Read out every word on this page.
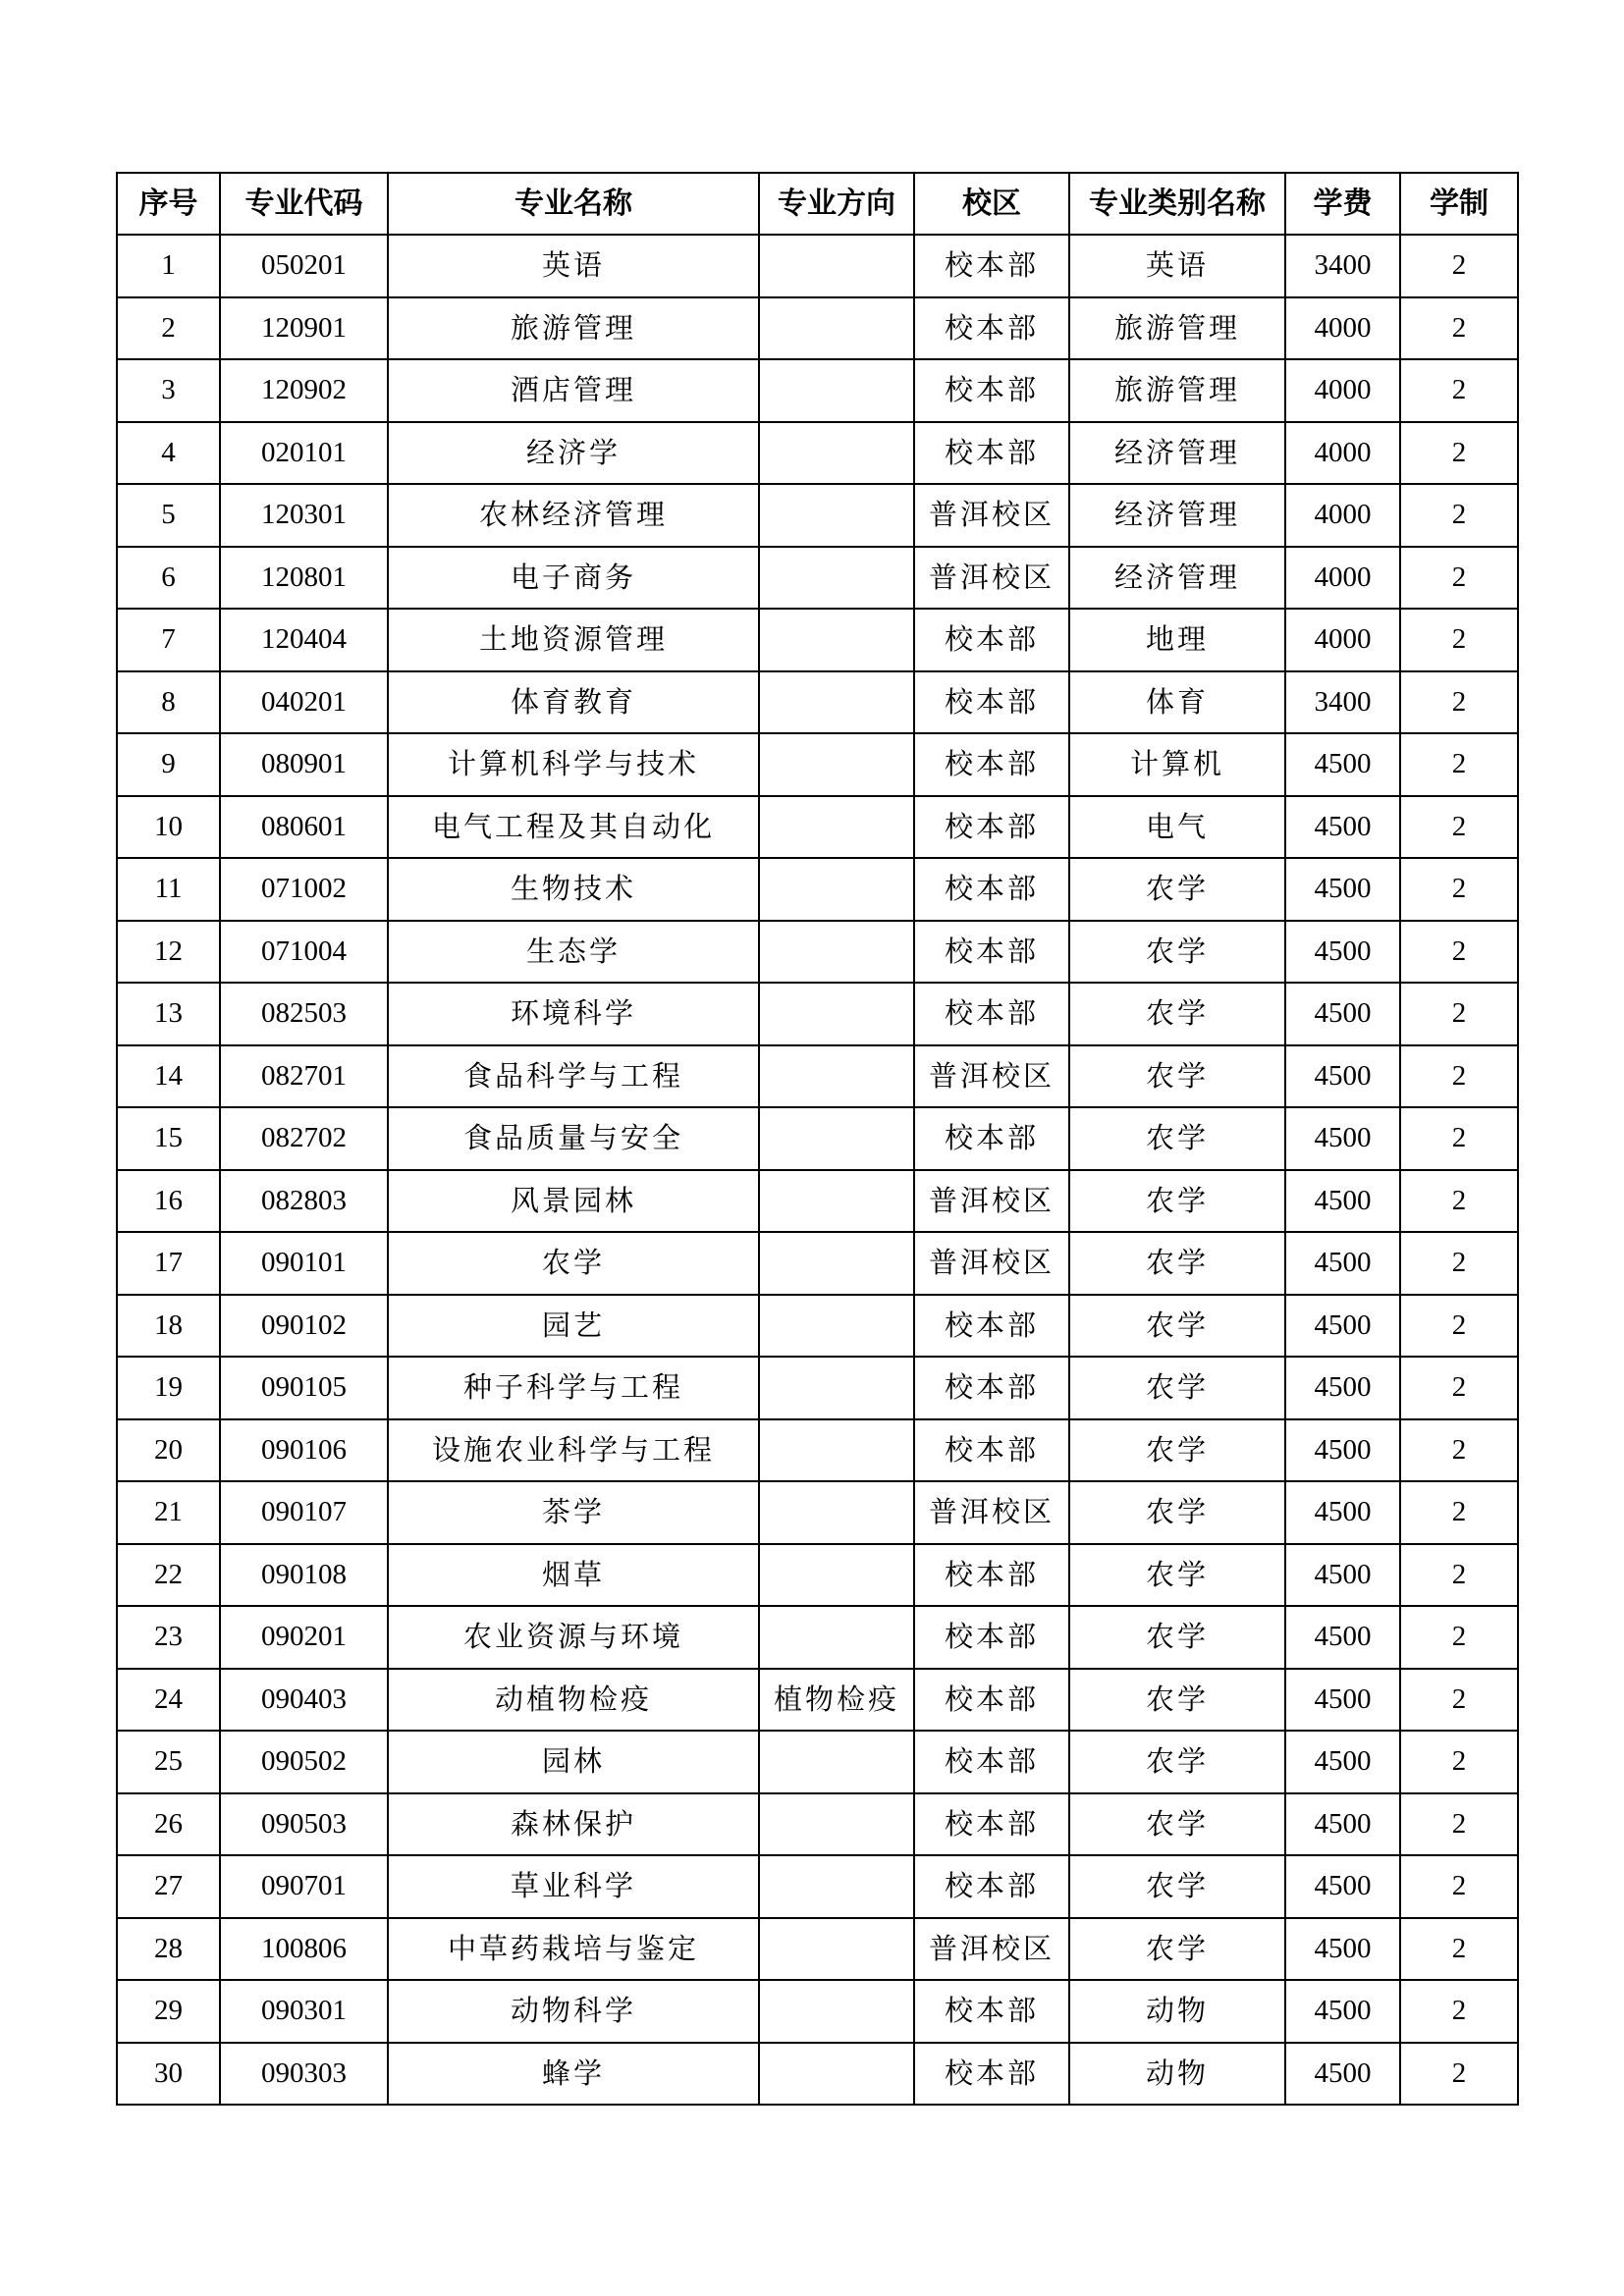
序号	专业代码	专业名称	专业方向	校区	专业类别名称	学费	学制
1	050201	英语		校本部	英语	3400	2
2	120901	旅游管理		校本部	旅游管理	4000	2
3	120902	酒店管理		校本部	旅游管理	4000	2
4	020101	经济学		校本部	经济管理	4000	2
5	120301	农林经济管理		普洱校区	经济管理	4000	2
6	120801	电子商务		普洱校区	经济管理	4000	2
7	120404	土地资源管理		校本部	地理	4000	2
8	040201	体育教育		校本部	体育	3400	2
9	080901	计算机科学与技术		校本部	计算机	4500	2
10	080601	电气工程及其自动化		校本部	电气	4500	2
11	071002	生物技术		校本部	农学	4500	2
12	071004	生态学		校本部	农学	4500	2
13	082503	环境科学		校本部	农学	4500	2
14	082701	食品科学与工程		普洱校区	农学	4500	2
15	082702	食品质量与安全		校本部	农学	4500	2
16	082803	风景园林		普洱校区	农学	4500	2
17	090101	农学		普洱校区	农学	4500	2
18	090102	园艺		校本部	农学	4500	2
19	090105	种子科学与工程		校本部	农学	4500	2
20	090106	设施农业科学与工程		校本部	农学	4500	2
21	090107	茶学		普洱校区	农学	4500	2
22	090108	烟草		校本部	农学	4500	2
23	090201	农业资源与环境		校本部	农学	4500	2
24	090403	动植物检疫	植物检疫	校本部	农学	4500	2
25	090502	园林		校本部	农学	4500	2
26	090503	森林保护		校本部	农学	4500	2
27	090701	草业科学		校本部	农学	4500	2
28	100806	中草药栽培与鉴定		普洱校区	农学	4500	2
29	090301	动物科学		校本部	动物	4500	2
30	090303	蜂学		校本部	动物	4500	2
